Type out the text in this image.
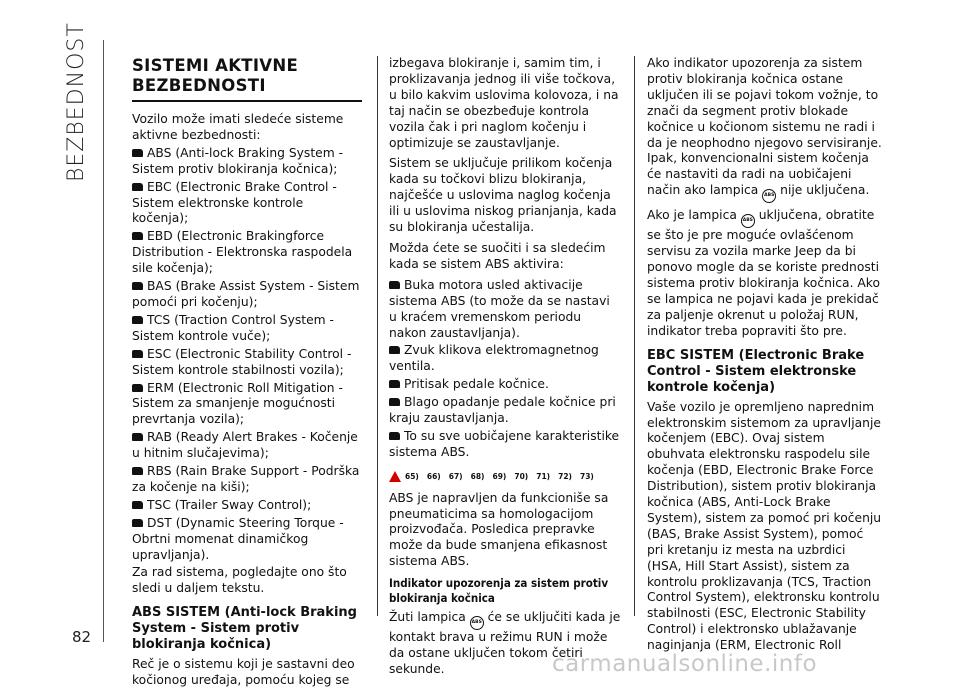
BEZBEDNOST
82
SISTEMI AKTIVNE
BEZBEDNOSTI

Vozilo može imati sledeće sisteme aktivne bezbednosti:

ABS (Anti-lock Braking System - Sistem protiv blokiranja kočnica);

EBC (Electronic Brake Control - Sistem elektronske kontrole kočenja);

EBD (Electronic Brakingforce Distribution - Elektronska raspodela sile kočenja);

BAS (Brake Assist System - Sistem pomoći pri kočenju);

TCS (Traction Control System - Sistem kontrole vuče);

ESC (Electronic Stability Control - Sistem kontrole stabilnosti vozila);

ERM (Electronic Roll Mitigation - Sistem za smanjenje mogućnosti prevrtanja vozila);

RAB (Ready Alert Brakes - Kočenje u hitnim slučajevima);

RBS (Rain Brake Support - Podrška za kočenje na kiši);

TSC (Trailer Sway Control);

DST (Dynamic Steering Torque - Obrtni momenat dinamičkog upravljanja).

Za rad sistema, pogledajte ono što sledi u daljem tekstu.

ABS SISTEM (Anti-lock Braking System - Sistem protiv blokiranja kočnica)

Reč je o sistemu koji je sastavni deo kočionog uređaja, pomoću kojeg se

izbegava blokiranje i, samim tim, i proklizavanja jednog ili više točkova, u bilo kakvim uslovima kolovoza, i na taj način se obezbeđuje kontrola vozila čak i pri naglom kočenju i optimizuje se zaustavljanje.

Sistem se uključuje prilikom kočenja kada su točkovi blizu blokiranja, najčešće u uslovima naglog kočenja ili u uslovima niskog prianjanja, kada su blokiranja učestalija.

Možda ćete se suočiti i sa sledećim kada se sistem ABS aktivira:

Buka motora usled aktivacije sistema ABS (to može da se nastavi u kraćem vremenskom periodu nakon zaustavljanja).

Zvuk klikova elektromagnetnog ventila.

Pritisak pedale kočnice.

Blago opadanje pedale kočnice pri kraju zaustavljanja.

To su sve uobičajene karakteristike sistema ABS.

65) 66) 67) 68) 69) 70) 71) 72) 73)

ABS je napravljen da funkcioniše sa pneumaticima sa homologacijom proizvođača. Posledica prepravke može da bude smanjena efikasnost sistema ABS.

Indikator upozorenja za sistem protiv blokiranja kočnica

Žuti lampica ABS će se uključiti kada je kontakt brava u režimu RUN i može da ostane uključen tokom četiri sekunde.

Ako indikator upozorenja za sistem protiv blokiranja kočnica ostane uključen ili se pojavi tokom vožnje, to znači da segment protiv blokade kočnice u kočionom sistemu ne radi i da je neophodno njegovo servisiranje. Ipak, konvencionalni sistem kočenja će nastaviti da radi na uobičajeni način ako lampica ABS nije uključena.

Ako je lampica ABS uključena, obratite se što je pre moguće ovlašćenom servisu za vozila marke Jeep da bi ponovo mogle da se koriste prednosti sistema protiv blokiranja kočnica. Ako se lampica ne pojavi kada je prekidač za paljenje okrenut u položaj RUN, indikator treba popraviti što pre.

EBC SISTEM (Electronic Brake Control - Sistem elektronske kontrole kočenja)

Vaše vozilo je opremljeno naprednim elektronskim sistemom za upravljanje kočenjem (EBC). Ovaj sistem obuhvata elektronsku raspodelu sile kočenja (EBD, Electronic Brake Force Distribution), sistem protiv blokiranja kočnica (ABS, Anti-Lock Brake System), sistem za pomoć pri kočenju (BAS, Brake Assist System), pomoć pri kretanju iz mesta na uzbrdici (HSA, Hill Start Assist), sistem za kontrolu proklizavanja (TCS, Traction Control System), elektronsku kontrolu stabilnosti (ESC, Electronic Stability Control) i elektronsko ublažavanje naginjanja (ERM, Electronic Roll

carmanualsonline.info
